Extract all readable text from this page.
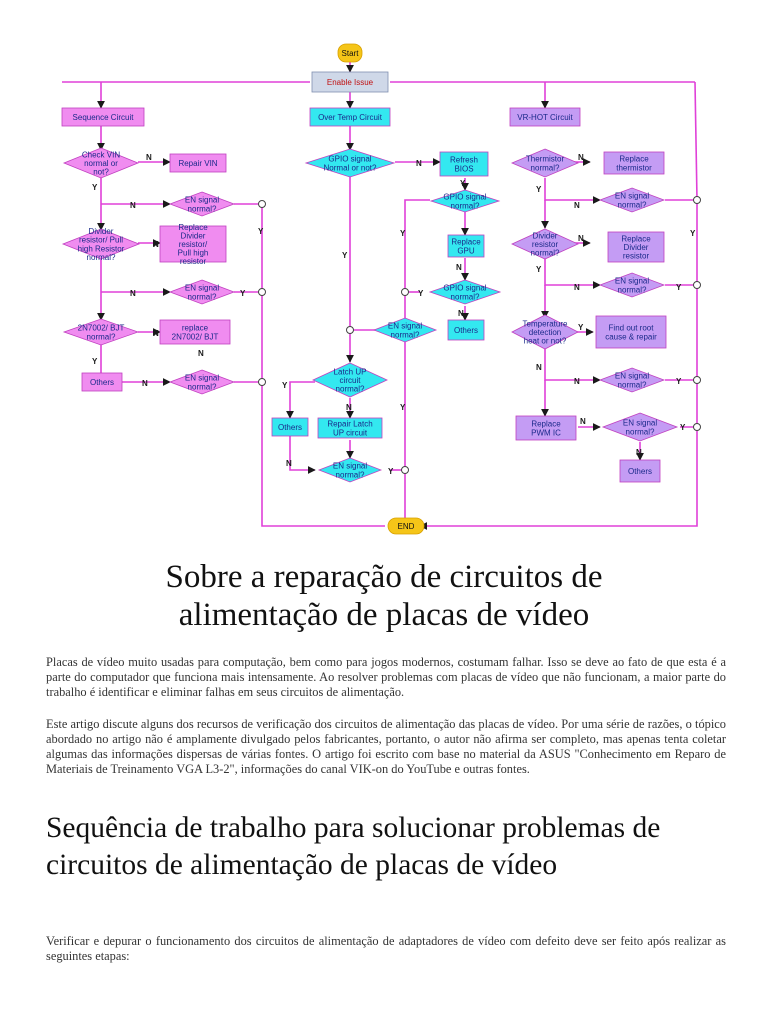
Start
Enable Issue
END
Sequence Circuit	Over Temp Circuit	VR-HOT Circuit
Check VIN normal or not?
Repair VIN
EN signal normal?
Divider resistor/ Pull high Resistor normal?
Replace Divider resistor/ Pull high resistor
EN signal normal?
2N7002/ BJT normal?
replace 2N7002/ BJT
Others	EN signal normal?
GPIO signal Normal or not?
Refresh BIOS
GPIO signal normal?
Replace GPU
GPIO signal normal?
Others
EN signal normal?
Latch UP circuit normal?
Others	Repair Latch UP circuit
EN signal normal?
Thermistor normal?
Replace thermistor
EN signal normal?
Divider resistor normal?
Replace Divider resistor
EN signal normal?
Temperature detection heat or not?
Find out root cause & repair
EN signal normal?
Replace PWM IC
EN signal normal?
Others
N
Y
N
N
N	Y
N
N
Y
N
Y
N
Y
Y
Y
N
Y
N
N
Y
N
Y
Y
N
Y
N
N
Y
N
Y
N
N
N
Y
Y
Y
N
Y
Sobre a reparação de circuitos de
alimentação de placas de vídeo
Placas de vídeo muito usadas para computação, bem como para jogos modernos, costumam falhar. Isso se deve ao fato de que esta é a parte do computador que funciona mais intensamente. Ao resolver problemas com placas de vídeo que não funcionam, a maior parte do trabalho é identificar e eliminar falhas em seus circuitos de alimentação.
Este artigo discute alguns dos recursos de verificação dos circuitos de alimentação das placas de vídeo. Por uma série de razões, o tópico abordado no artigo não é amplamente divulgado pelos fabricantes, portanto, o autor não afirma ser completo, mas apenas tenta coletar algumas das informações dispersas de várias fontes. O artigo foi escrito com base no material da ASUS "Conhecimento em Reparo de Materiais de Treinamento VGA L3-2", informações do canal VIK-on do YouTube e outras fontes.
Sequência de trabalho para solucionar problemas de circuitos de alimentação de placas de vídeo
Verificar e depurar o funcionamento dos circuitos de alimentação de adaptadores de vídeo com defeito deve ser feito após realizar as seguintes etapas:
